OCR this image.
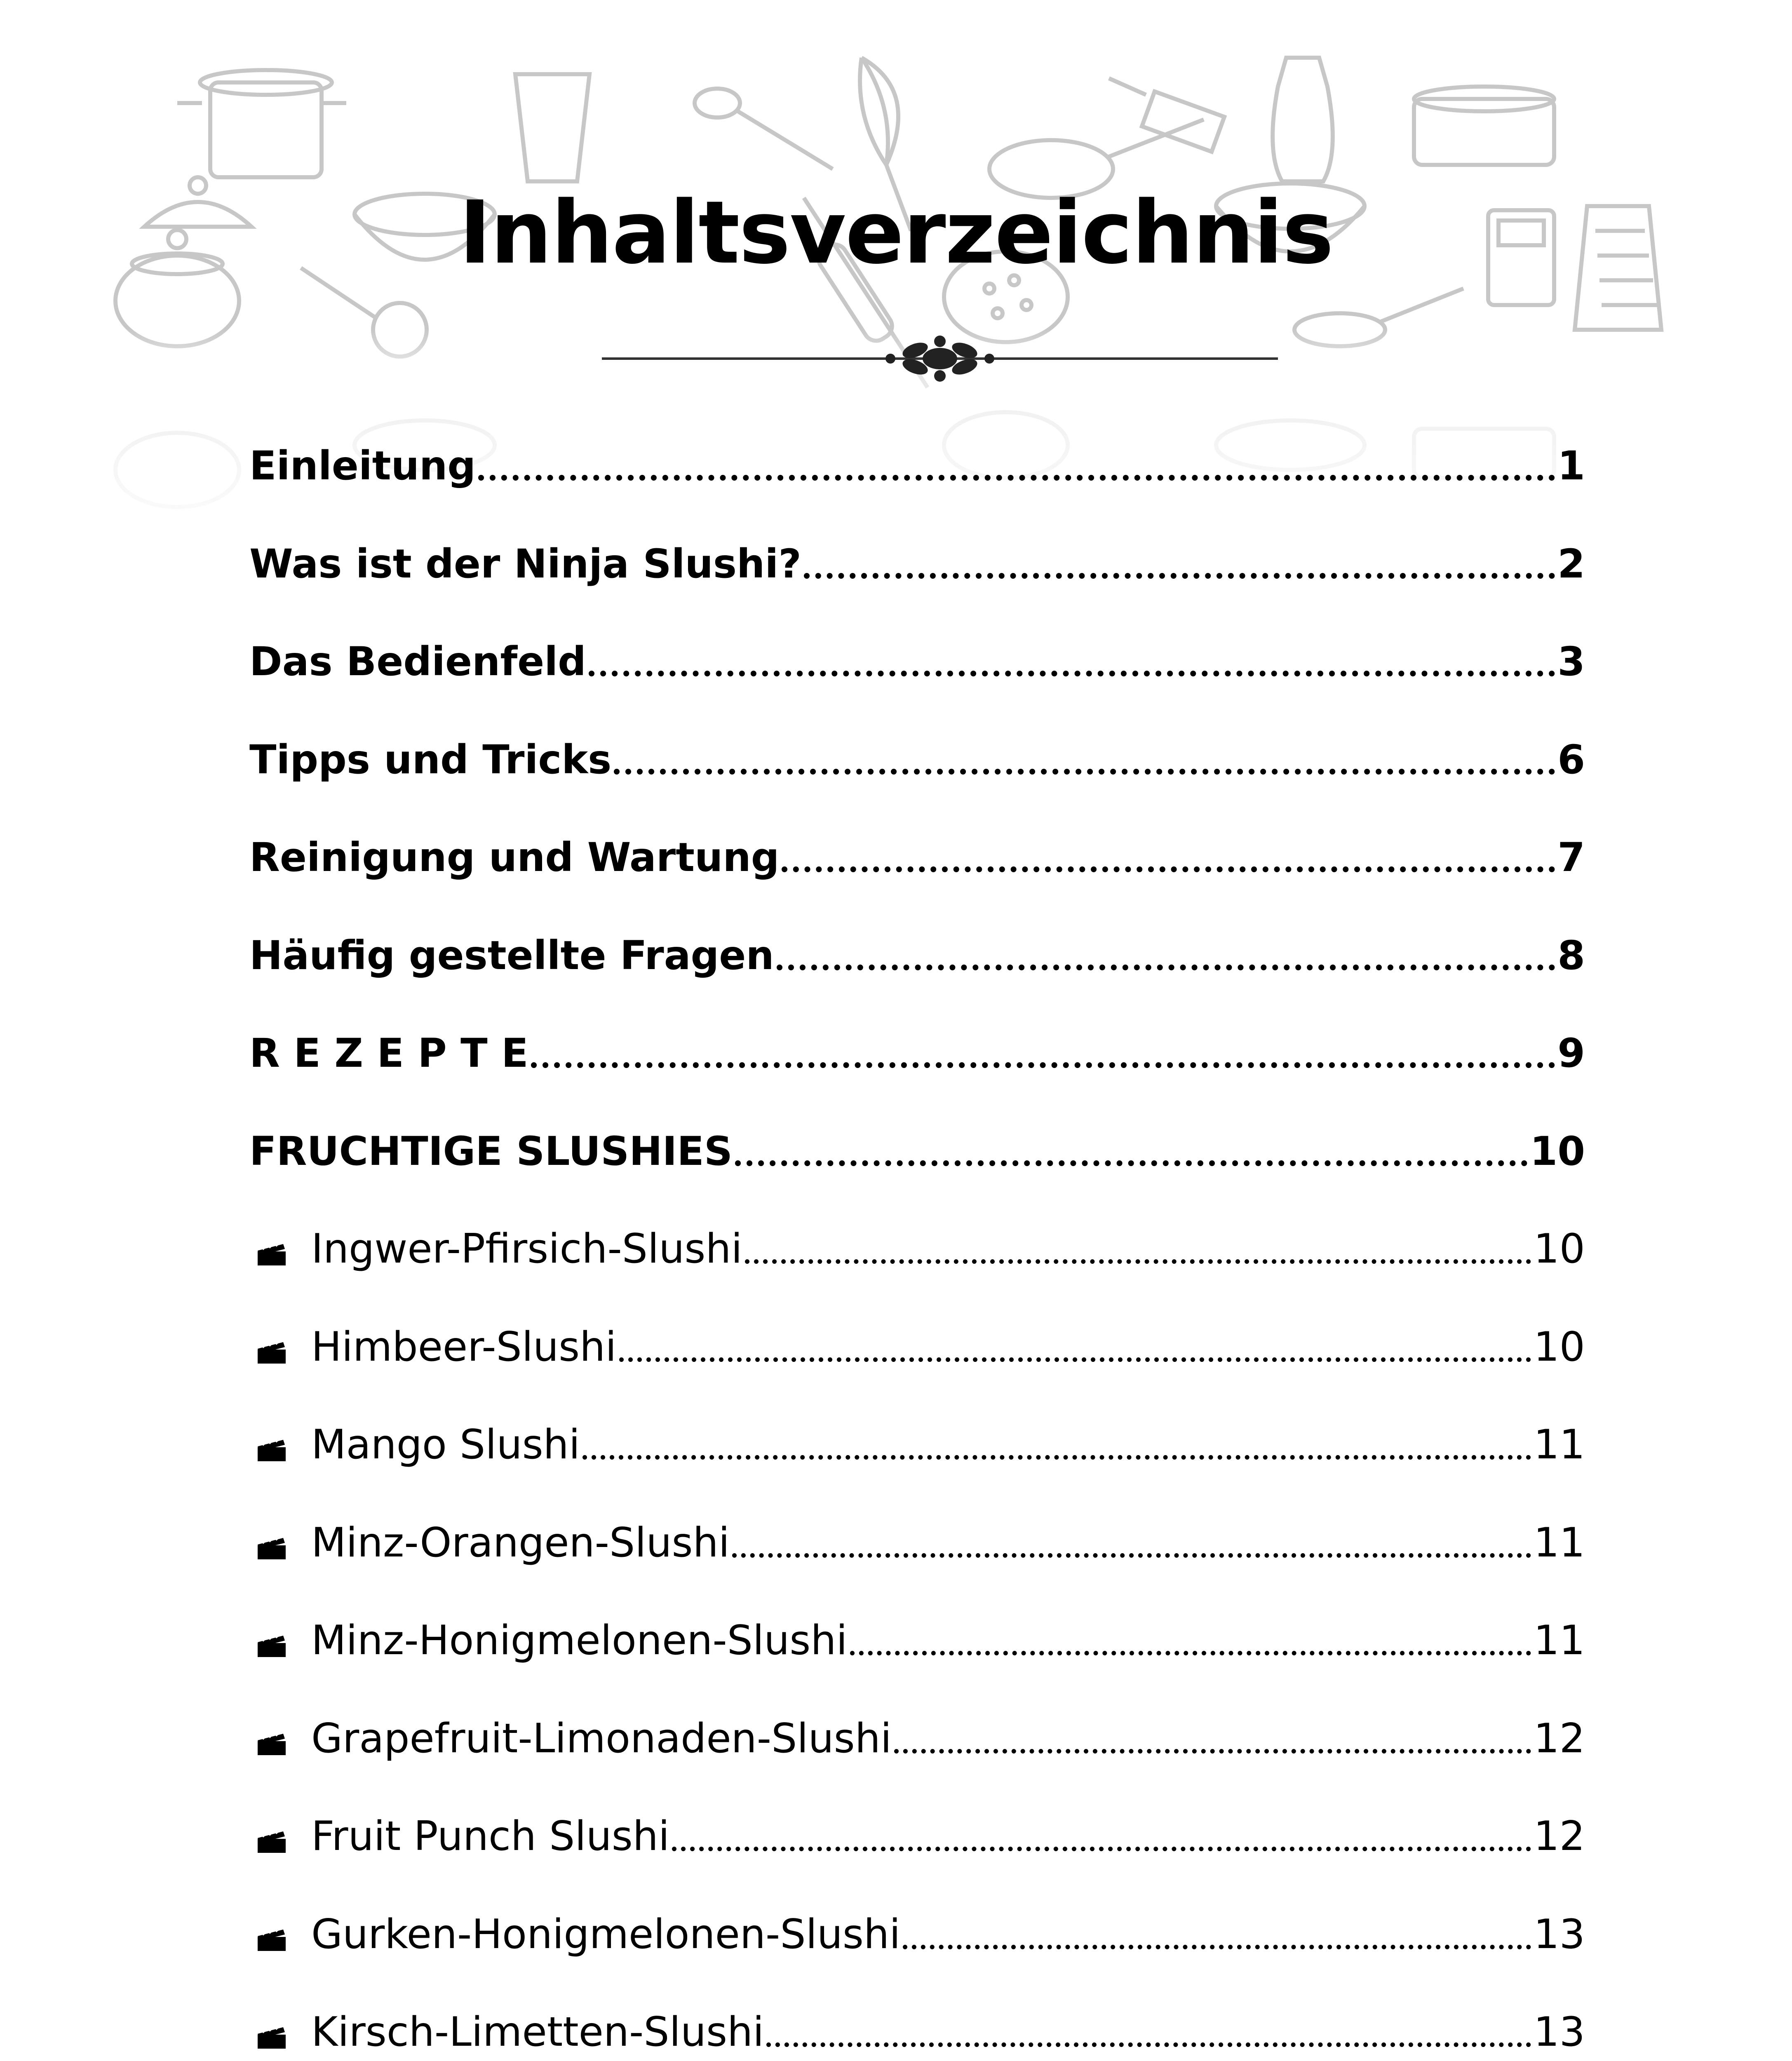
Inhaltsverzeichnis
Einleitung	1
Was ist der Ninja Slushi?	2
Das Bedienfeld	3
Tipps und Tricks	6
Reinigung und Wartung	7
Häufig gestellte Fragen	8
R E Z E P T E	9
FRUCHTIGE SLUSHIES	10
Ingwer-Pfirsich-Slushi	10
Himbeer-Slushi	10
Mango Slushi	11
Minz-Orangen-Slushi	11
Minz-Honigmelonen-Slushi	11
Grapefruit-Limonaden-Slushi	12
Fruit Punch Slushi	12
Gurken-Honigmelonen-Slushi	13
Kirsch-Limetten-Slushi	13
